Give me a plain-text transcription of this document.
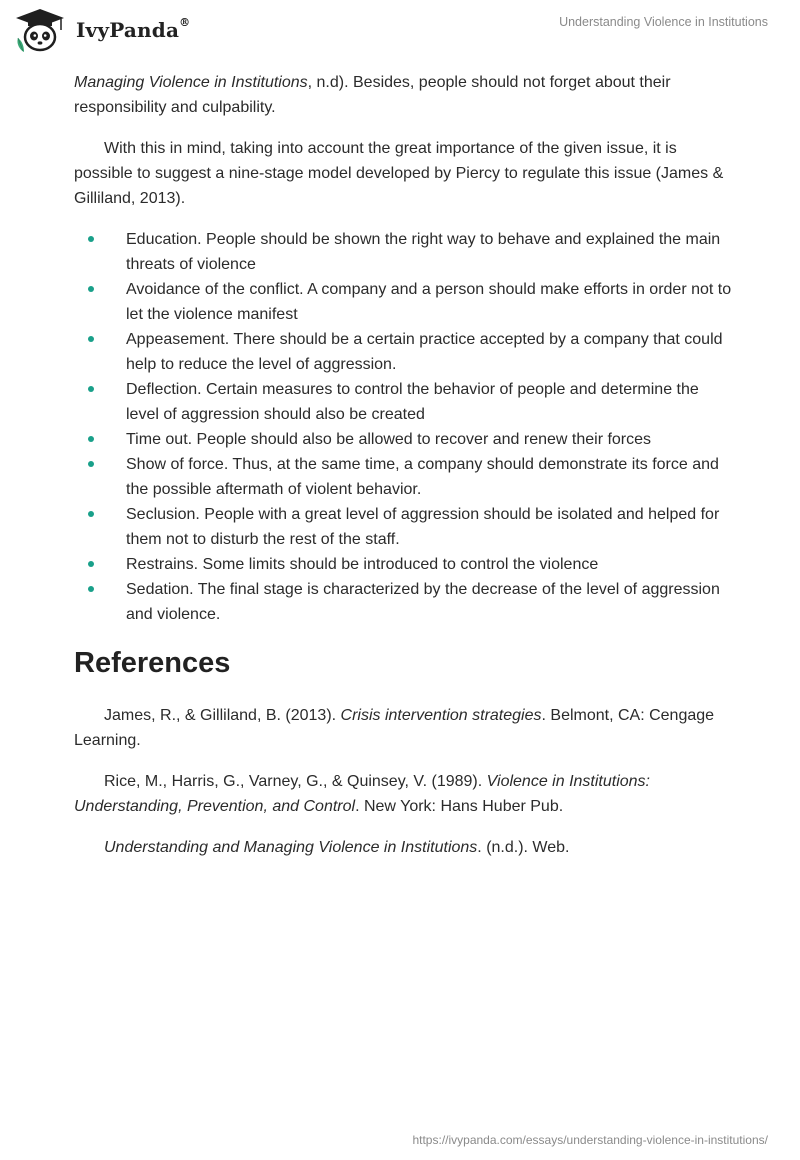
IvyPanda®	Understanding Violence in Institutions

Managing Violence in Institutions, n.d). Besides, people should not forget about their responsibility and culpability.

With this in mind, taking into account the great importance of the given issue, it is possible to suggest a nine-stage model developed by Piercy to regulate this issue (James & Gilliland, 2013).

Education. People should be shown the right way to behave and explained the main threats of violence
Avoidance of the conflict. A company and a person should make efforts in order not to let the violence manifest
Appeasement. There should be a certain practice accepted by a company that could help to reduce the level of aggression.
Deflection. Certain measures to control the behavior of people and determine the level of aggression should also be created
Time out. People should also be allowed to recover and renew their forces
Show of force. Thus, at the same time, a company should demonstrate its force and the possible aftermath of violent behavior.
Seclusion. People with a great level of aggression should be isolated and helped for them not to disturb the rest of the staff.
Restrains. Some limits should be introduced to control the violence
Sedation. The final stage is characterized by the decrease of the level of aggression and violence.
References

James, R., & Gilliland, B. (2013). Crisis intervention strategies. Belmont, CA: Cengage Learning.

Rice, M., Harris, G., Varney, G., & Quinsey, V. (1989). Violence in Institutions: Understanding, Prevention, and Control. New York: Hans Huber Pub.

Understanding and Managing Violence in Institutions. (n.d.). Web.

https://ivypanda.com/essays/understanding-violence-in-institutions/
